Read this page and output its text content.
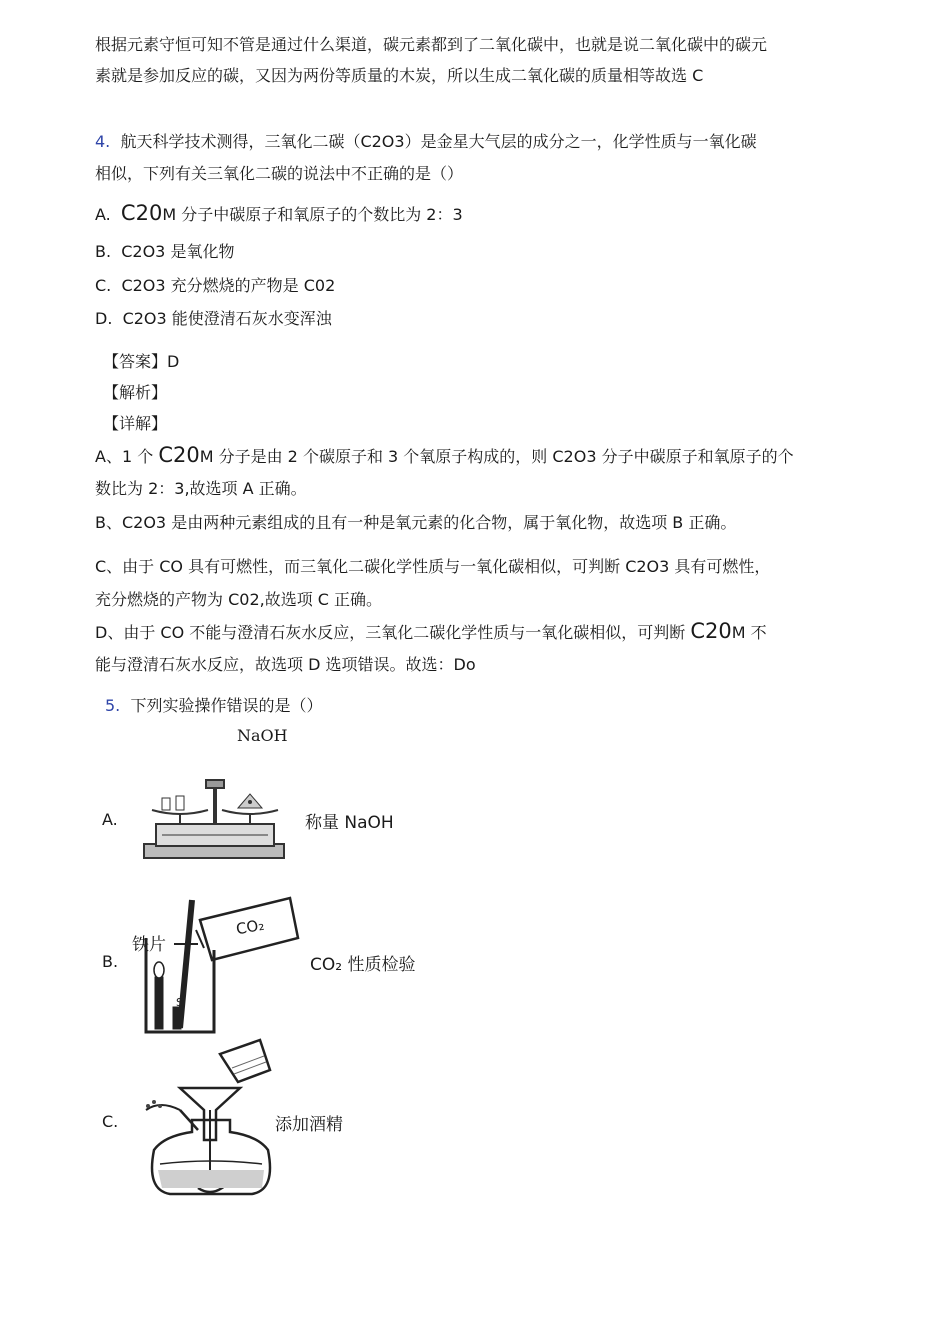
根据元素守恒可知不管是通过什么渠道，碳元素都到了二氧化碳中，也就是说二氧化碳中的碳元
素就是参加反应的碳，又因为两份等质量的木炭，所以生成二氧化碳的质量相等故选 C
4. 航天科学技术测得，三氧化二碳（C2O3）是金星大气层的成分之一，化学性质与一氧化碳
相似，下列有关三氧化二碳的说法中不正确的是（）
A. C20M 分子中碳原子和氧原子的个数比为 2：3
B. C2O3 是氧化物
C. C2O3 充分燃烧的产物是 C02
D. C2O3 能使澄清石灰水变浑浊
【答案】D
【解析】
【详解】
A、1 个 C20M 分子是由 2 个碳原子和 3 个氧原子构成的，则 C2O3 分子中碳原子和氧原子的个
数比为 2：3,故选项 A 正确。
B、C2O3 是由两种元素组成的且有一种是氧元素的化合物，属于氧化物，故选项 B 正确。
C、由于 CO 具有可燃性，而三氧化二碳化学性质与一氧化碳相似，可判断 C2O3 具有可燃性，
充分燃烧的产物为 C02,故选项 C 正确。
D、由于 CO 不能与澄清石灰水反应，三氧化二碳化学性质与一氧化碳相似，可判断 C20M 不
能与澄清石灰水反应，故选项 D 选项错误。故选：Do
5. 下列实验操作错误的是（）
NaOH
A.	称量 NaOH
B.
铁片
S
CO₂
CO₂ 性质检验
C.	添加酒精
